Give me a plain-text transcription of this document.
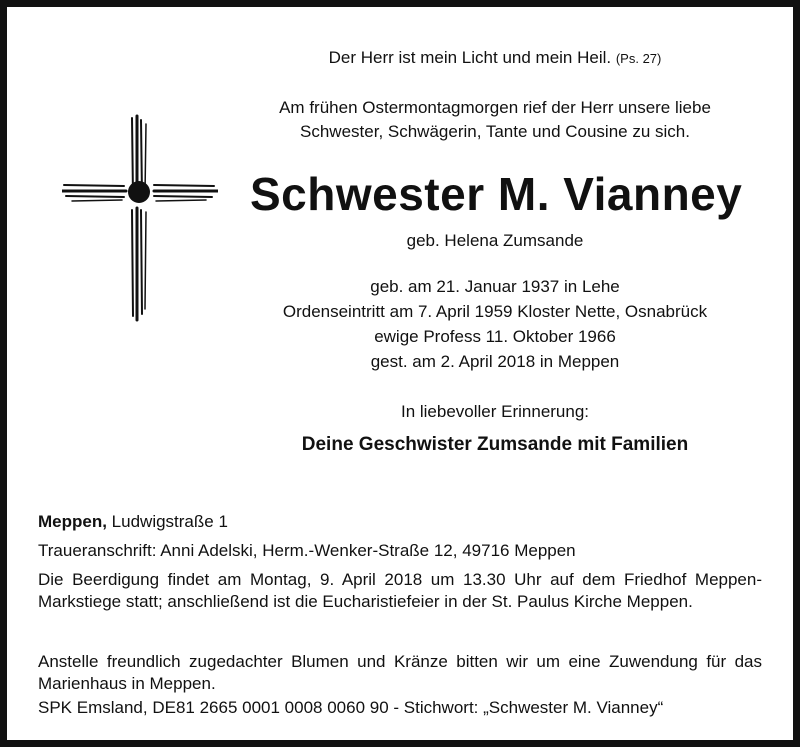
Der Herr ist mein Licht und mein Heil. (Ps. 27)
Am frühen Ostermontagmorgen rief der Herr unsere liebe
Schwester, Schwägerin, Tante und Cousine zu sich.
Schwester M. Vianney
geb. Helena Zumsande
geb. am 21. Januar 1937 in Lehe
Ordenseintritt am 7. April 1959 Kloster Nette, Osnabrück
ewige Profess 11. Oktober 1966
gest. am 2. April 2018 in Meppen
In liebevoller Erinnerung:
Deine Geschwister Zumsande mit Familien
Meppen, Ludwigstraße 1
Traueranschrift: Anni Adelski, Herm.-Wenker-Straße 12, 49716 Meppen
Die Beerdigung findet am Montag, 9. April 2018 um 13.30 Uhr auf dem Friedhof Meppen-Markstiege statt; anschließend ist die Eucharistiefeier in der St. Paulus Kirche Meppen.
Anstelle freundlich zugedachter Blumen und Kränze bitten wir um eine Zuwendung für das Marienhaus in Meppen.
SPK Emsland, DE81 2665 0001 0008 0060 90 - Stichwort: „Schwester M. Vianney“
